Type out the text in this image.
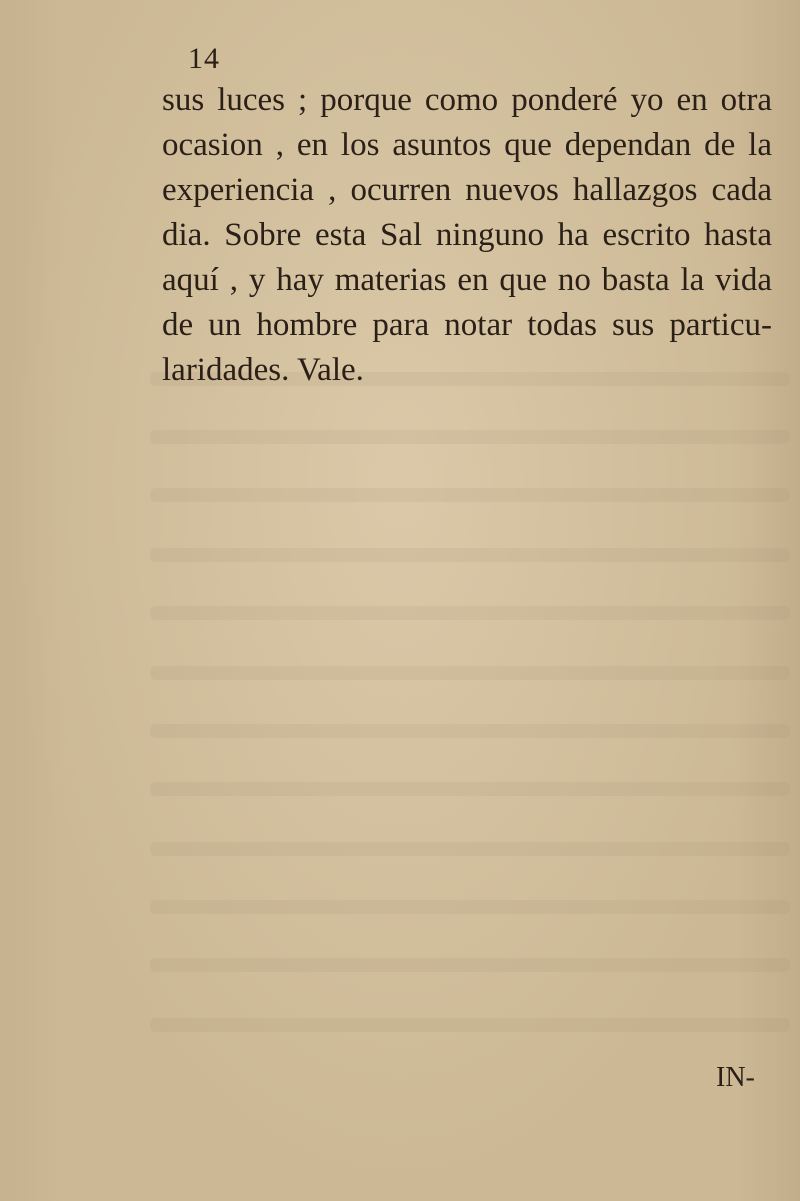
14

sus luces ; porque como ponderé yo en otra

ocasion , en los asuntos que dependan de la

experiencia , ocurren nuevos hallazgos cada

dia. Sobre esta Sal ninguno ha escrito hasta

aquí , y hay materias en que no basta la vida

de un hombre para notar todas sus particu-

laridades. Vale.

IN-
